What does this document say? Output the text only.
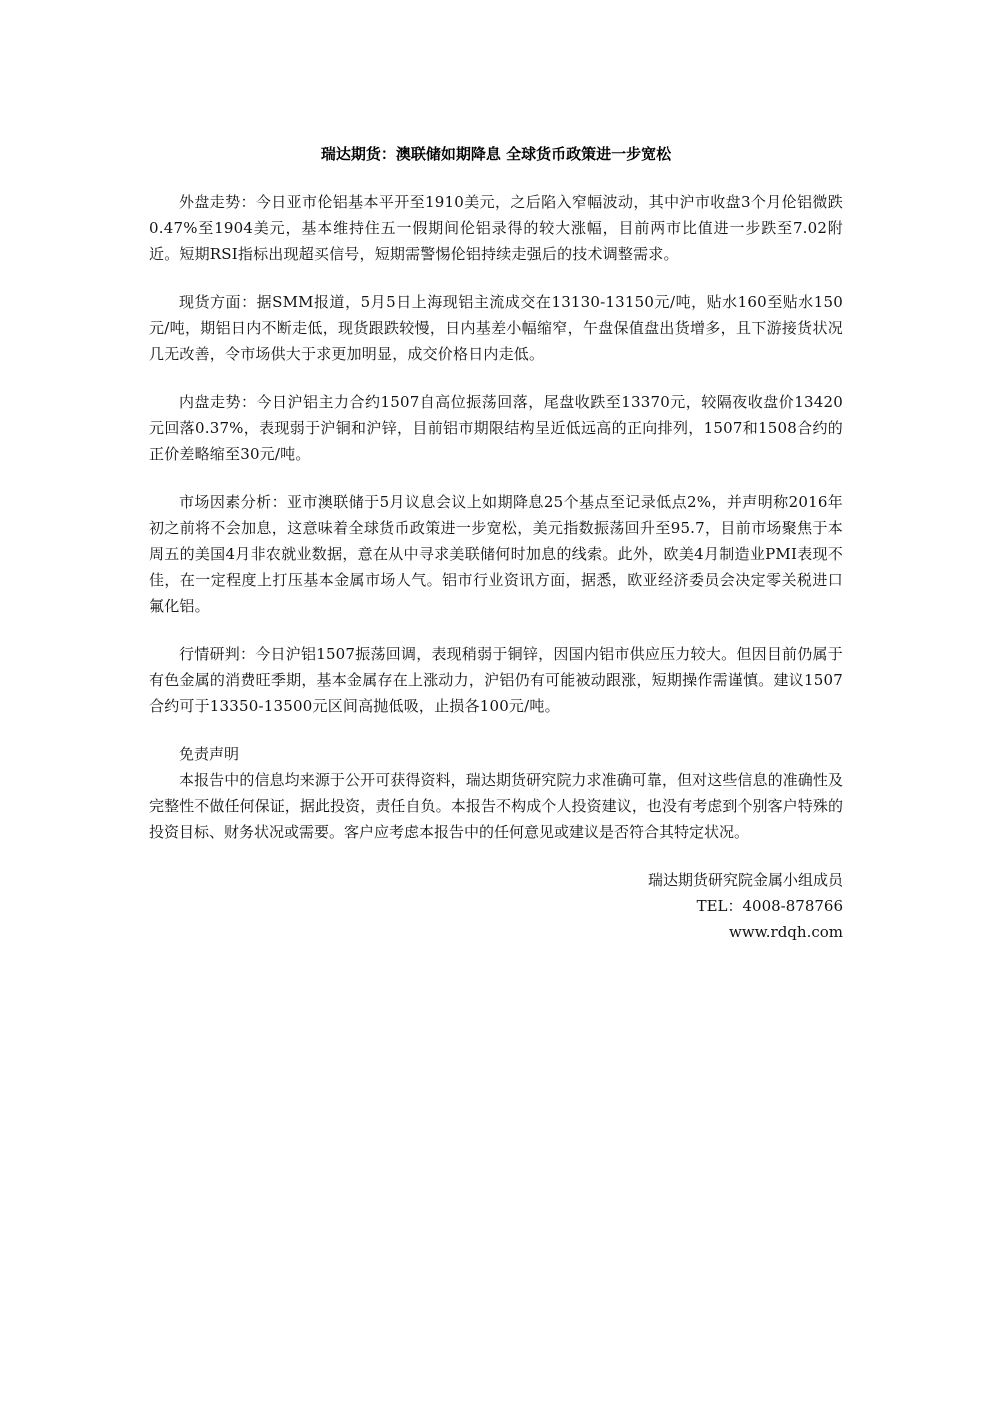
瑞达期货：澳联储如期降息 全球货币政策进一步宽松

外盘走势：今日亚市伦铝基本平开至1910美元，之后陷入窄幅波动，其中沪市收盘3个月伦铝微跌0.47%至1904美元，基本维持住五一假期间伦铝录得的较大涨幅，目前两市比值进一步跌至7.02附近。短期RSI指标出现超买信号，短期需警惕伦铝持续走强后的技术调整需求。

现货方面：据SMM报道，5月5日上海现铝主流成交在13130-13150元/吨，贴水160至贴水150元/吨，期铝日内不断走低，现货跟跌较慢，日内基差小幅缩窄，午盘保值盘出货增多，且下游接货状况几无改善，令市场供大于求更加明显，成交价格日内走低。

内盘走势：今日沪铝主力合约1507自高位振荡回落，尾盘收跌至13370元，较隔夜收盘价13420元回落0.37%，表现弱于沪铜和沪锌，目前铝市期限结构呈近低远高的正向排列，1507和1508合约的正价差略缩至30元/吨。

市场因素分析：亚市澳联储于5月议息会议上如期降息25个基点至记录低点2%，并声明称2016年初之前将不会加息，这意味着全球货币政策进一步宽松，美元指数振荡回升至95.7，目前市场聚焦于本周五的美国4月非农就业数据，意在从中寻求美联储何时加息的线索。此外，欧美4月制造业PMI表现不佳，在一定程度上打压基本金属市场人气。铝市行业资讯方面，据悉，欧亚经济委员会决定零关税进口氟化铝。

行情研判：今日沪铝1507振荡回调，表现稍弱于铜锌，因国内铝市供应压力较大。但因目前仍属于有色金属的消费旺季期，基本金属存在上涨动力，沪铝仍有可能被动跟涨，短期操作需谨慎。建议1507合约可于13350-13500元区间高抛低吸，止损各100元/吨。

免责声明

本报告中的信息均来源于公开可获得资料，瑞达期货研究院力求准确可靠，但对这些信息的准确性及完整性不做任何保证，据此投资，责任自负。本报告不构成个人投资建议，也没有考虑到个别客户特殊的投资目标、财务状况或需要。客户应考虑本报告中的任何意见或建议是否符合其特定状况。

瑞达期货研究院金属小组成员
TEL：4008-878766
www.rdqh.com
